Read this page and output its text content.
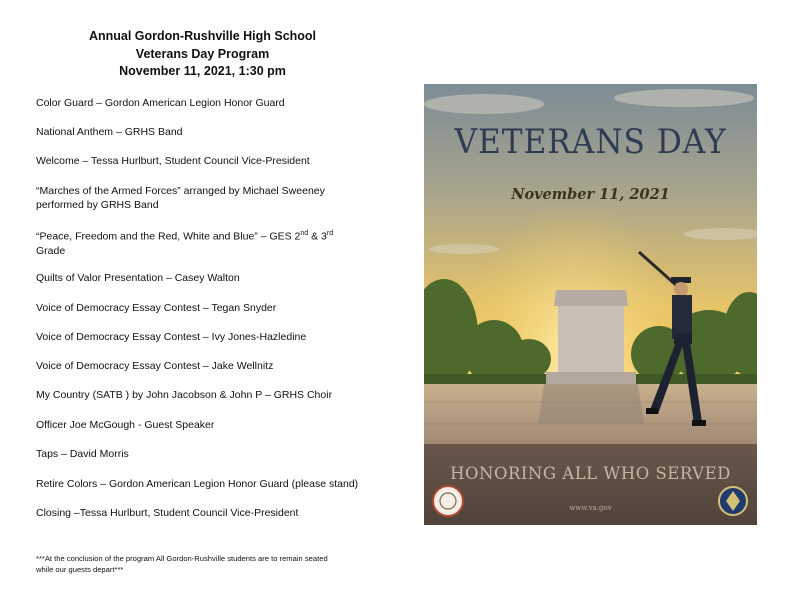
Annual Gordon-Rushville High School
Veterans Day Program
November 11, 2021, 1:30 pm
Color Guard – Gordon American Legion Honor Guard
National Anthem – GRHS Band
Welcome – Tessa Hurlburt, Student Council Vice-President
“Marches of the Armed Forces” arranged by Michael Sweeney
performed by GRHS Band
“Peace, Freedom and the Red, White and Blue” – GES 2nd & 3rd
Grade
Quilts of Valor Presentation – Casey Walton
Voice of Democracy Essay Contest – Tegan Snyder
Voice of Democracy Essay Contest – Ivy Jones-Hazledine
Voice of Democracy Essay Contest – Jake Wellnitz
My Country (SATB ) by John Jacobson & John P – GRHS Choir
Officer Joe McGough - Guest Speaker
Taps – David Morris
Retire Colors – Gordon American Legion Honor Guard (please stand)
Closing –Tessa Hurlburt, Student Council Vice-President
***At the conclusion of the program All Gordon-Rushville students are to remain seated
while our guests depart***
VETERANS DAY
November 11, 2021
HONORING ALL WHO SERVED
www.va.gov
